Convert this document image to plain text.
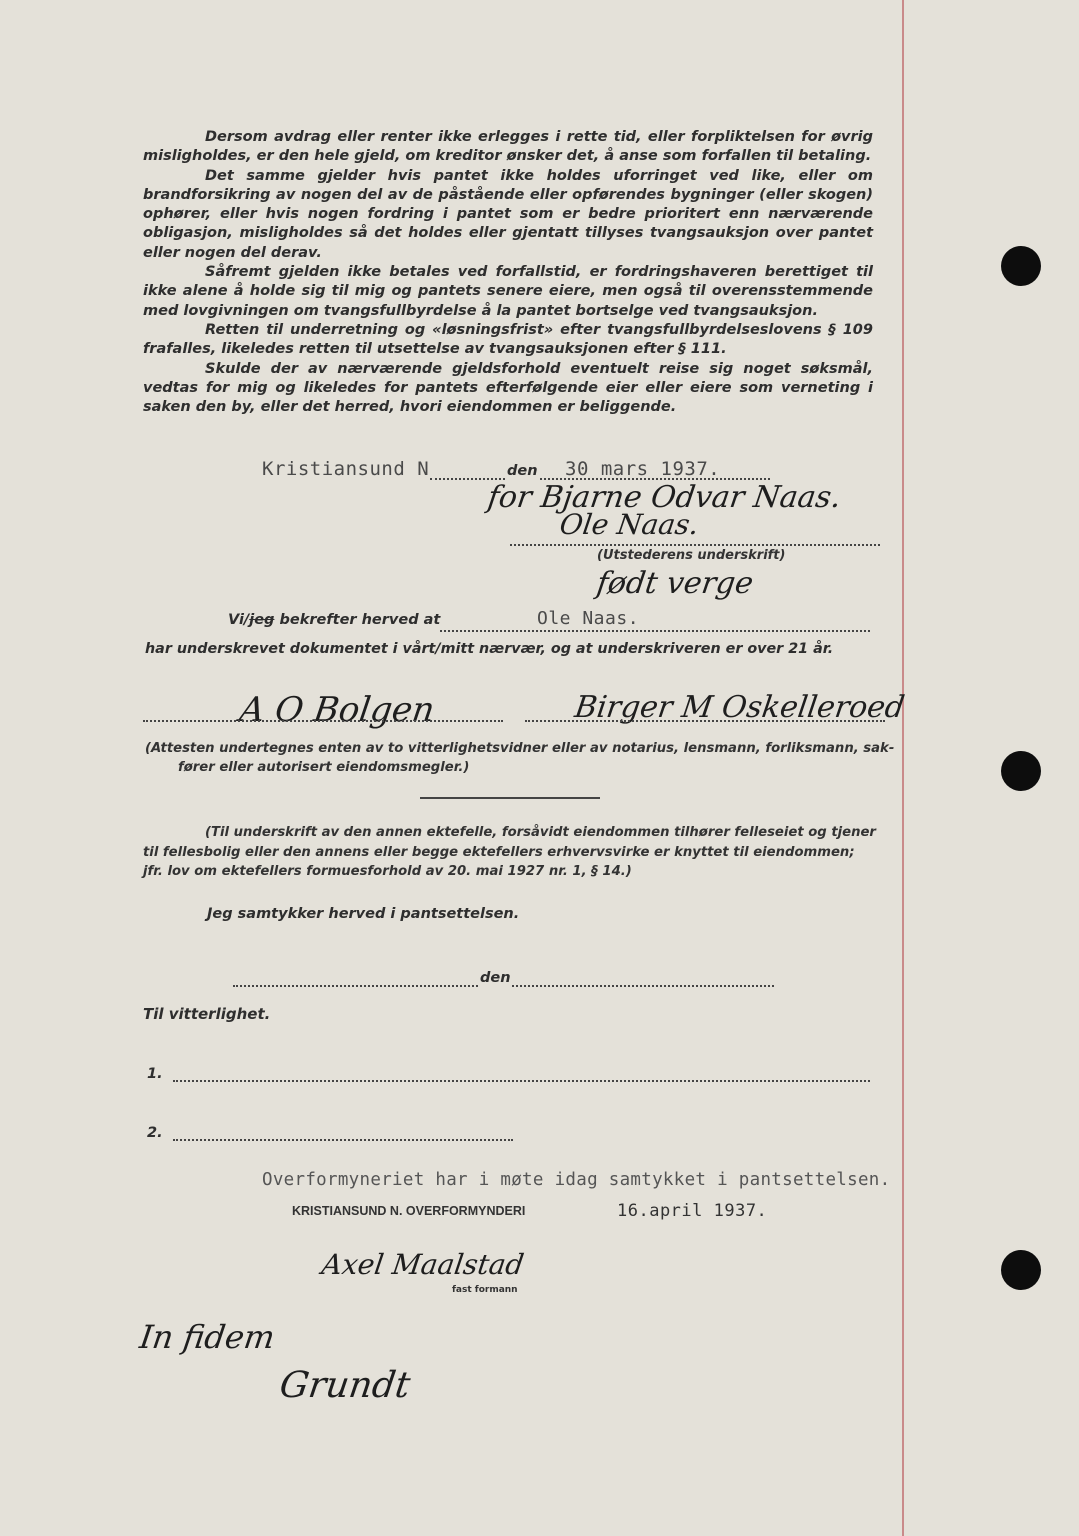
Dersom avdrag eller renter ikke erlegges i rette tid, eller forpliktelsen for øvrig misligholdes, er den hele gjeld, om kreditor ønsker det, å anse som forfallen til betaling.

Det samme gjelder hvis pantet ikke holdes uforringet ved like, eller om brandforsikring av nogen del av de påstående eller opførendes bygninger (eller skogen) ophører, eller hvis nogen fordring i pantet som er bedre prioritert enn nærværende obligasjon, misligholdes så det holdes eller gjentatt tillyses tvangsauksjon over pantet eller nogen del derav.

Såfremt gjelden ikke betales ved forfallstid, er fordringshaveren berettiget til ikke alene å holde sig til mig og pantets senere eiere, men også til overensstemmende med lovgivningen om tvangsfullbyrdelse å la pantet bortselge ved tvangsauksjon.

Retten til underretning og «løsningsfrist» efter tvangsfullbyrdelseslovens § 109 frafalles, likeledes retten til utsettelse av tvangsauksjonen efter § 111.

Skulde der av nærværende gjeldsforhold eventuelt reise sig noget søksmål, vedtas for mig og likeledes for pantets efterfølgende eier eller eiere som verneting i saken den by, eller det herred, hvori eiendommen er beliggende.

Kristiansund N	den 30 mars 1937.
for Bjarne Odvar Naas.
Ole Naas.
(Utstederens underskrift)
født verge
Vi/jeg bekrefter herved at	Ole Naas.
har underskrevet dokumentet i vårt/mitt nærvær, og at underskriveren er over 21 år.
A O Bolgen	Birger M Oskelleroed
(Attesten undertegnes enten av to vitterlighetsvidner eller av notarius, lensmann, forliksmann, sak-
fører eller autorisert eiendomsmegler.)
(Til underskrift av den annen ektefelle, forsåvidt eiendommen tilhører felleseiet og tjener
til fellesbolig eller den annens eller begge ektefellers erhvervsvirke er knyttet til eiendommen;
jfr. lov om ektefellers formuesforhold av 20. mai 1927 nr. 1, § 14.)
Jeg samtykker herved i pantsettelsen.
den
Til vitterlighet.
1.
2.
Overformyneriet har i møte idag samtykket i pantsettelsen.
KRISTIANSUND N. OVERFORMYNDERI	16.april 1937.
Axel Maalstad
fast formann
In fidem
Grundt
